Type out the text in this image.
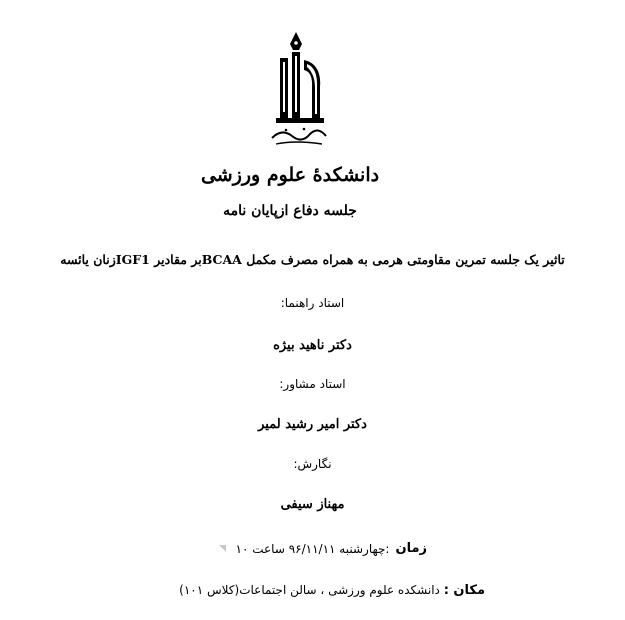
دانشکدهٔ علوم ورزشی
جلسه دفاع ازپایان نامه
تاثیر یک جلسه تمرین مقاومتی هرمی به همراه مصرف مکمل BCAAبر مقادیر IGF1زنان یائسه
استاد راهنما:
دکتر ناهید بیژه
استاد مشاور:
دکتر امیر رشید لمیر
نگارش:
مهناز سیفی
زمان
:چهارشنبه ۹۶/۱۱/۱۱ ساعت ۱۰
مکان : دانشکده علوم ورزشی ، سالن اجتماعات(کلاس ۱۰۱)
